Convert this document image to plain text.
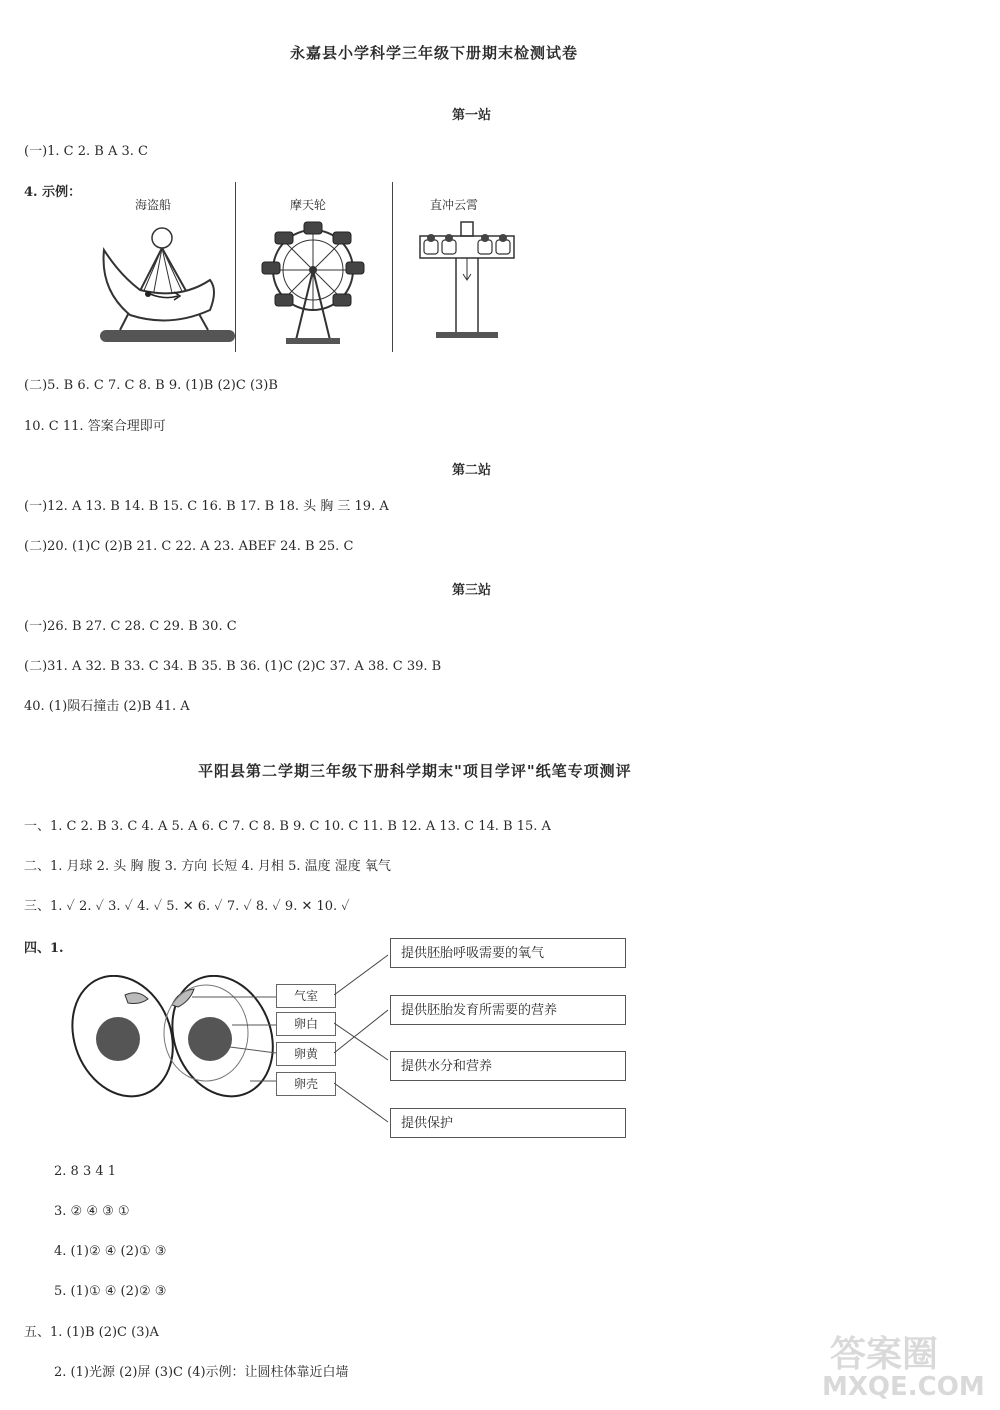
永嘉县小学科学三年级下册期末检测试卷
第一站
(一)1. C 2. B A 3. C
4. 示例：
海盗船	摩天轮	直冲云霄
(二)5. B 6. C 7. C 8. B 9. (1)B (2)C (3)B
10. C 11. 答案合理即可
第二站
(一)12. A 13. B 14. B 15. C 16. B 17. B 18. 头 胸 三 19. A
(二)20. (1)C (2)B 21. C 22. A 23. ABEF 24. B 25. C
第三站
(一)26. B 27. C 28. C 29. B 30. C
(二)31. A 32. B 33. C 34. B 35. B 36. (1)C (2)C 37. A 38. C 39. B
40. (1)陨石撞击 (2)B 41. A
平阳县第二学期三年级下册科学期末"项目学评"纸笔专项测评
一、1. C 2. B 3. C 4. A 5. A 6. C 7. C 8. B 9. C 10. C 11. B 12. A 13. C 14. B 15. A
二、1. 月球 2. 头 胸 腹 3. 方向 长短 4. 月相 5. 温度 湿度 氧气
三、1. ✓ 2. ✓ 3. ✓ 4. ✓ 5. ✕ 6. ✓ 7. ✓ 8. ✓ 9. ✕ 10. ✓
四、1.
气室
卵白
卵黄
卵壳
提供胚胎呼吸需要的氧气
提供胚胎发育所需要的营养
提供水分和营养
提供保护
2. 8 3 4 1
3. ② ④ ③ ①
4. (1)② ④ (2)① ③
5. (1)① ④ (2)② ③
五、1. (1)B (2)C (3)A
2. (1)光源 (2)屏 (3)C (4)示例：让圆柱体靠近白墙	答案圈
MXQE.COM
